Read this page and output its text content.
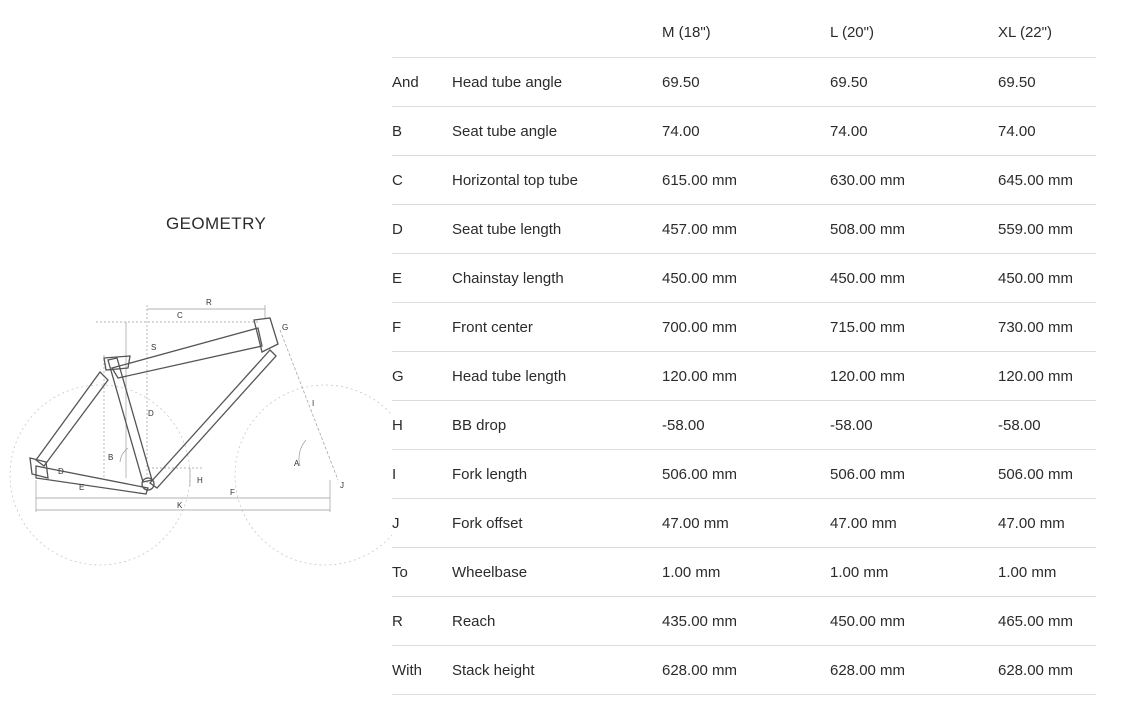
GEOMETRY
R
C
G
S
D
I
A
B
H
F
K
J
D
E
		M (18")	L (20")	XL (22")
And	Head tube angle	69.50	69.50	69.50
B	Seat tube angle	74.00	74.00	74.00
C	Horizontal top tube	615.00 mm	630.00 mm	645.00 mm
D	Seat tube length	457.00 mm	508.00 mm	559.00 mm
E	Chainstay length	450.00 mm	450.00 mm	450.00 mm
F	Front center	700.00 mm	715.00 mm	730.00 mm
G	Head tube length	120.00 mm	120.00 mm	120.00 mm
H	BB drop	-58.00	-58.00	-58.00
I	Fork length	506.00 mm	506.00 mm	506.00 mm
J	Fork offset	47.00 mm	47.00 mm	47.00 mm
To	Wheelbase	1.00 mm	1.00 mm	1.00 mm
R	Reach	435.00 mm	450.00 mm	465.00 mm
With	Stack height	628.00 mm	628.00 mm	628.00 mm
